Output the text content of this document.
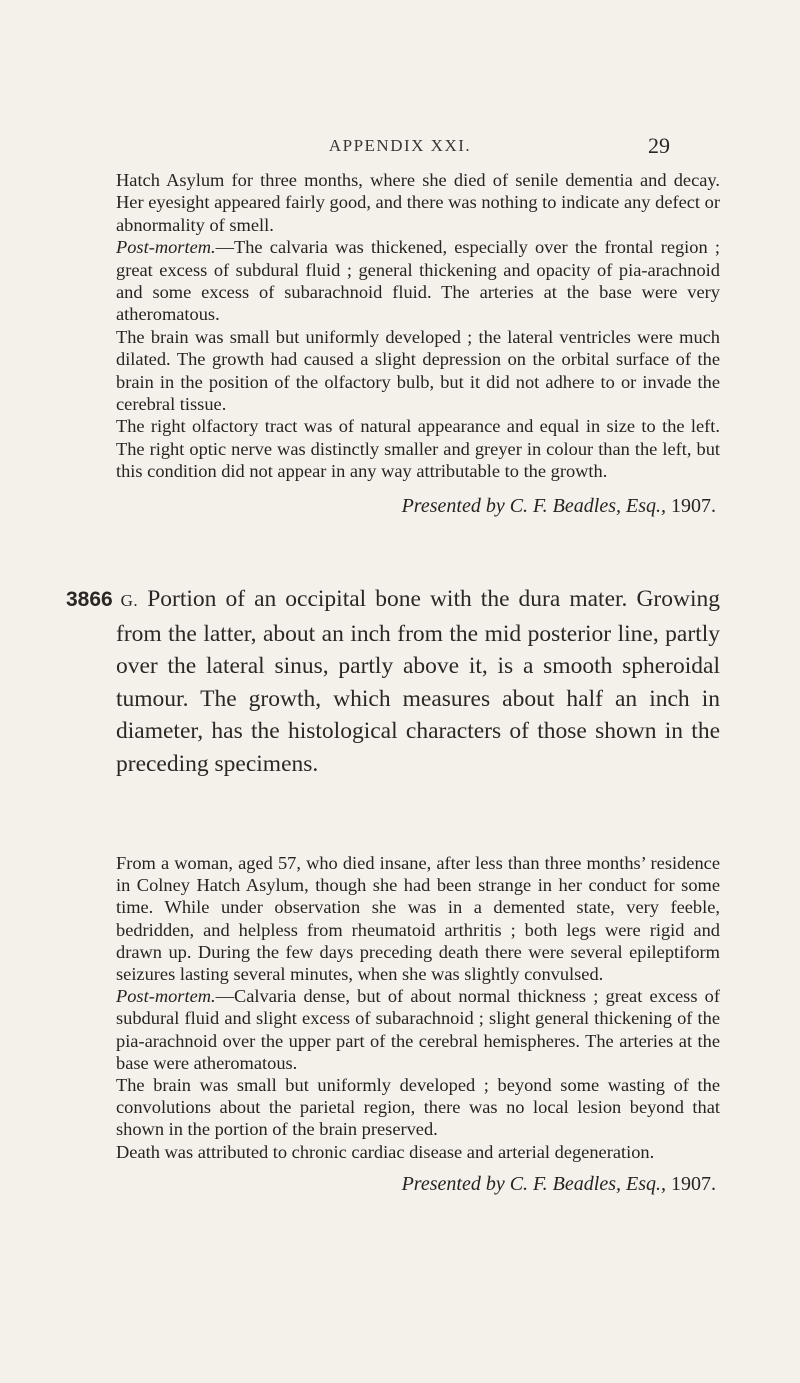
APPENDIX XXI.	29

Hatch Asylum for three months, where she died of senile dementia and decay. Her eyesight appeared fairly good, and there was nothing to indicate any defect or abnormality of smell.

Post-mortem.—The calvaria was thickened, especially over the frontal region ; great excess of subdural fluid ; general thickening and opacity of pia-arachnoid and some excess of subarachnoid fluid. The arteries at the base were very atheromatous.

The brain was small but uniformly developed ; the lateral ventricles were much dilated. The growth had caused a slight depression on the orbital surface of the brain in the position of the olfactory bulb, but it did not adhere to or invade the cerebral tissue.

The right olfactory tract was of natural appearance and equal in size to the left. The right optic nerve was distinctly smaller and greyer in colour than the left, but this condition did not appear in any way attributable to the growth.

Presented by C. F. Beadles, Esq., 1907.

3866 G. Portion of an occipital bone with the dura mater. Growing from the latter, about an inch from the mid posterior line, partly over the lateral sinus, partly above it, is a smooth spheroidal tumour. The growth, which measures about half an inch in diameter, has the histological characters of those shown in the preceding specimens.

From a woman, aged 57, who died insane, after less than three months’ residence in Colney Hatch Asylum, though she had been strange in her conduct for some time. While under observation she was in a demented state, very feeble, bedridden, and helpless from rheumatoid arthritis ; both legs were rigid and drawn up. During the few days preceding death there were several epileptiform seizures lasting several minutes, when she was slightly convulsed.

Post-mortem.—Calvaria dense, but of about normal thickness ; great excess of subdural fluid and slight excess of subarachnoid ; slight general thickening of the pia-arachnoid over the upper part of the cerebral hemispheres. The arteries at the base were atheromatous.

The brain was small but uniformly developed ; beyond some wasting of the convolutions about the parietal region, there was no local lesion beyond that shown in the portion of the brain preserved.

Death was attributed to chronic cardiac disease and arterial degeneration.

Presented by C. F. Beadles, Esq., 1907.
